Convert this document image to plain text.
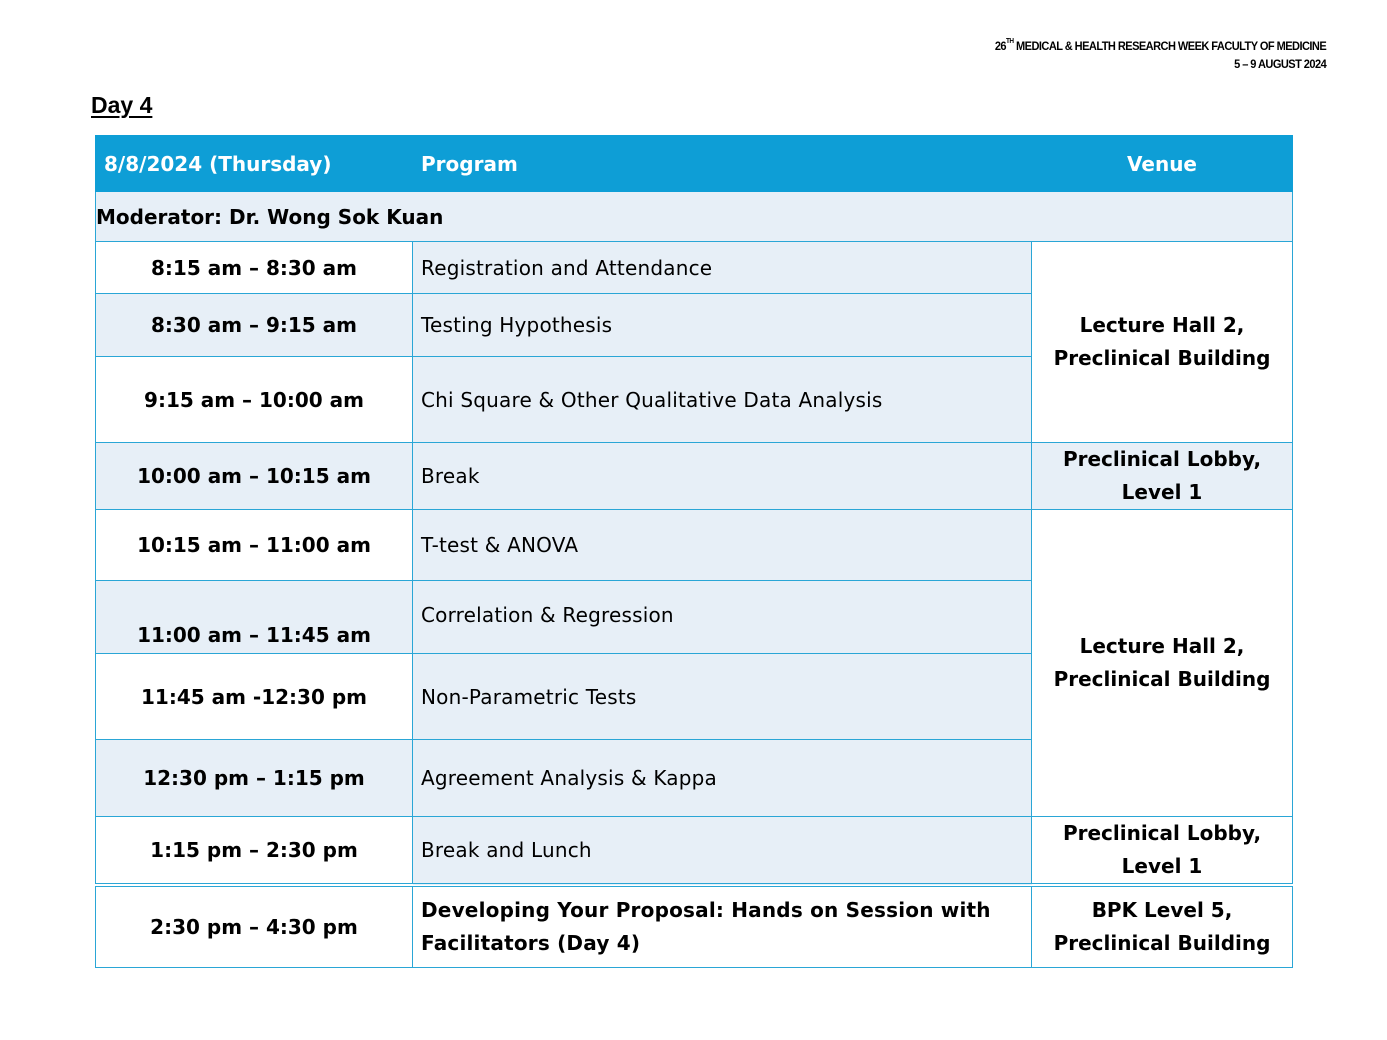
26TH MEDICAL & HEALTH RESEARCH WEEK FACULTY OF MEDICINE
5 – 9 AUGUST 2024
Day 4
8/8/2024 (Thursday)	Program	Venue
Moderator: Dr. Wong Sok Kuan		
8:15 am – 8:30 am	Registration and Attendance	Lecture Hall 2,
Preclinical Building

8:30 am – 9:15 am	Testing Hypothesis	
9:15 am – 10:00 am	Chi Square & Other Qualitative Data Analysis	
10:00 am – 10:15 am	Break	Preclinical Lobby,
Level 1

10:15 am – 11:00 am	T-test & ANOVA	Lecture Hall 2,
Preclinical Building

11:00 am – 11:45 am	Correlation & Regression	
11:45 am -12:30 pm	Non-Parametric Tests	
12:30 pm – 1:15 pm	Agreement Analysis & Kappa	
1:15 pm – 2:30 pm	Break and Lunch	Preclinical Lobby,
Level 1

2:30 pm – 4:30 pm	Developing Your Proposal: Hands on Session with Facilitators (Day 4)	BPK Level 5,
Preclinical Building
